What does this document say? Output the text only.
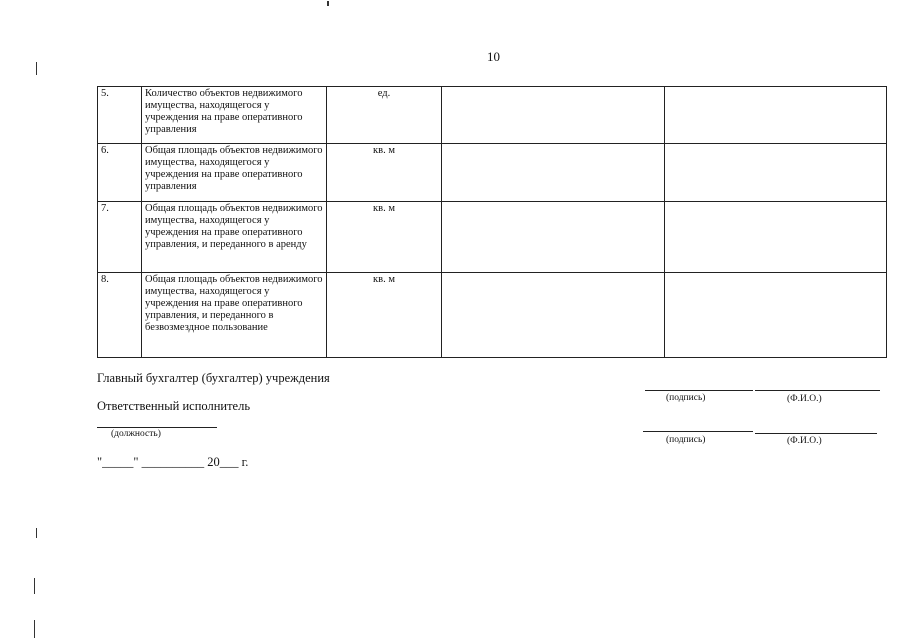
10
5.	Количество объектов недвижимого имущества, находящегося у учреждения на праве оперативного управления	ед.		
6.	Общая площадь объектов недвижимого имущества, находящегося у учреждения на праве оперативного управления	кв. м		
7.	Общая площадь объектов недвижимого имущества, находящегося у учреждения на праве оперативного управления, и переданного в аренду	кв. м		
8.	Общая площадь объектов недвижимого имущества, находящегося у учреждения на праве оперативного управления, и переданного в безвозмездное пользование	кв. м		
Главный бухгалтер (бухгалтер) учреждения
(подпись)	(Ф.И.О.)
Ответственный исполнитель
(должность)
(подпись)	(Ф.И.О.)
"_____" __________ 20___ г.
